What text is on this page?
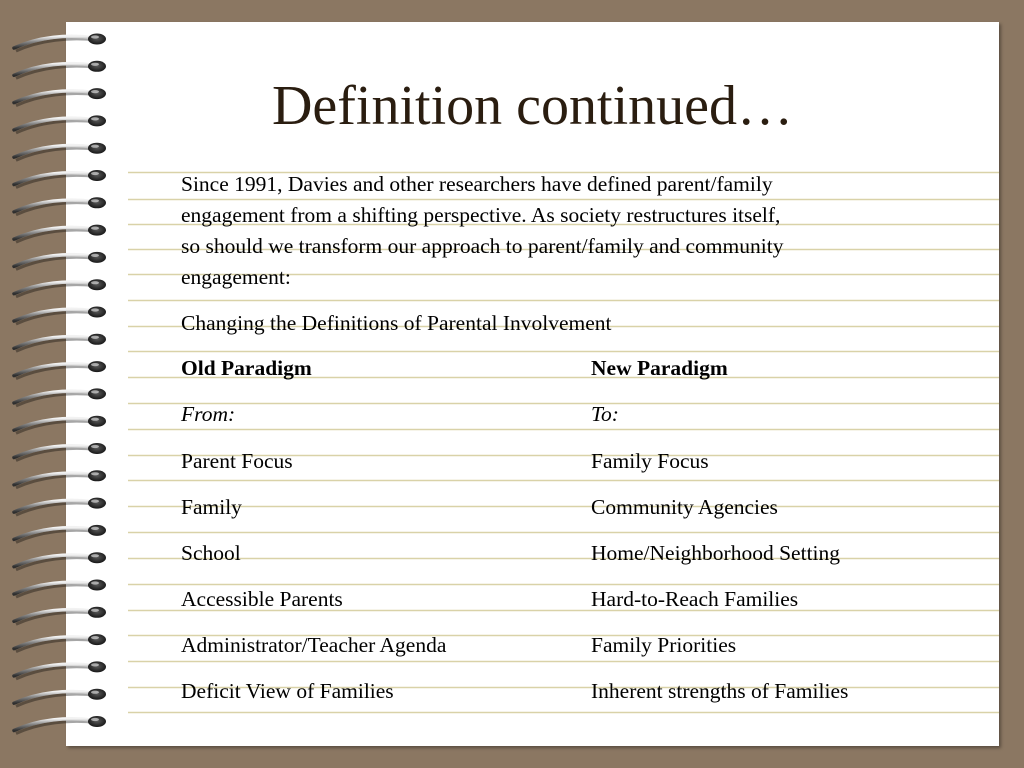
Definition continued…
Since 1991, Davies and other researchers have defined parent/family
engagement from a shifting perspective. As society restructures itself,
so should we transform our approach to parent/family and community
engagement:
Changing the Definitions of Parental Involvement
Old Paradigm	New Paradigm
From:	To:
Parent Focus	Family Focus
Family	Community Agencies
School	Home/Neighborhood Setting
Accessible Parents	Hard-to-Reach Families
Administrator/Teacher Agenda	Family Priorities
Deficit View of Families	Inherent strengths of Families
